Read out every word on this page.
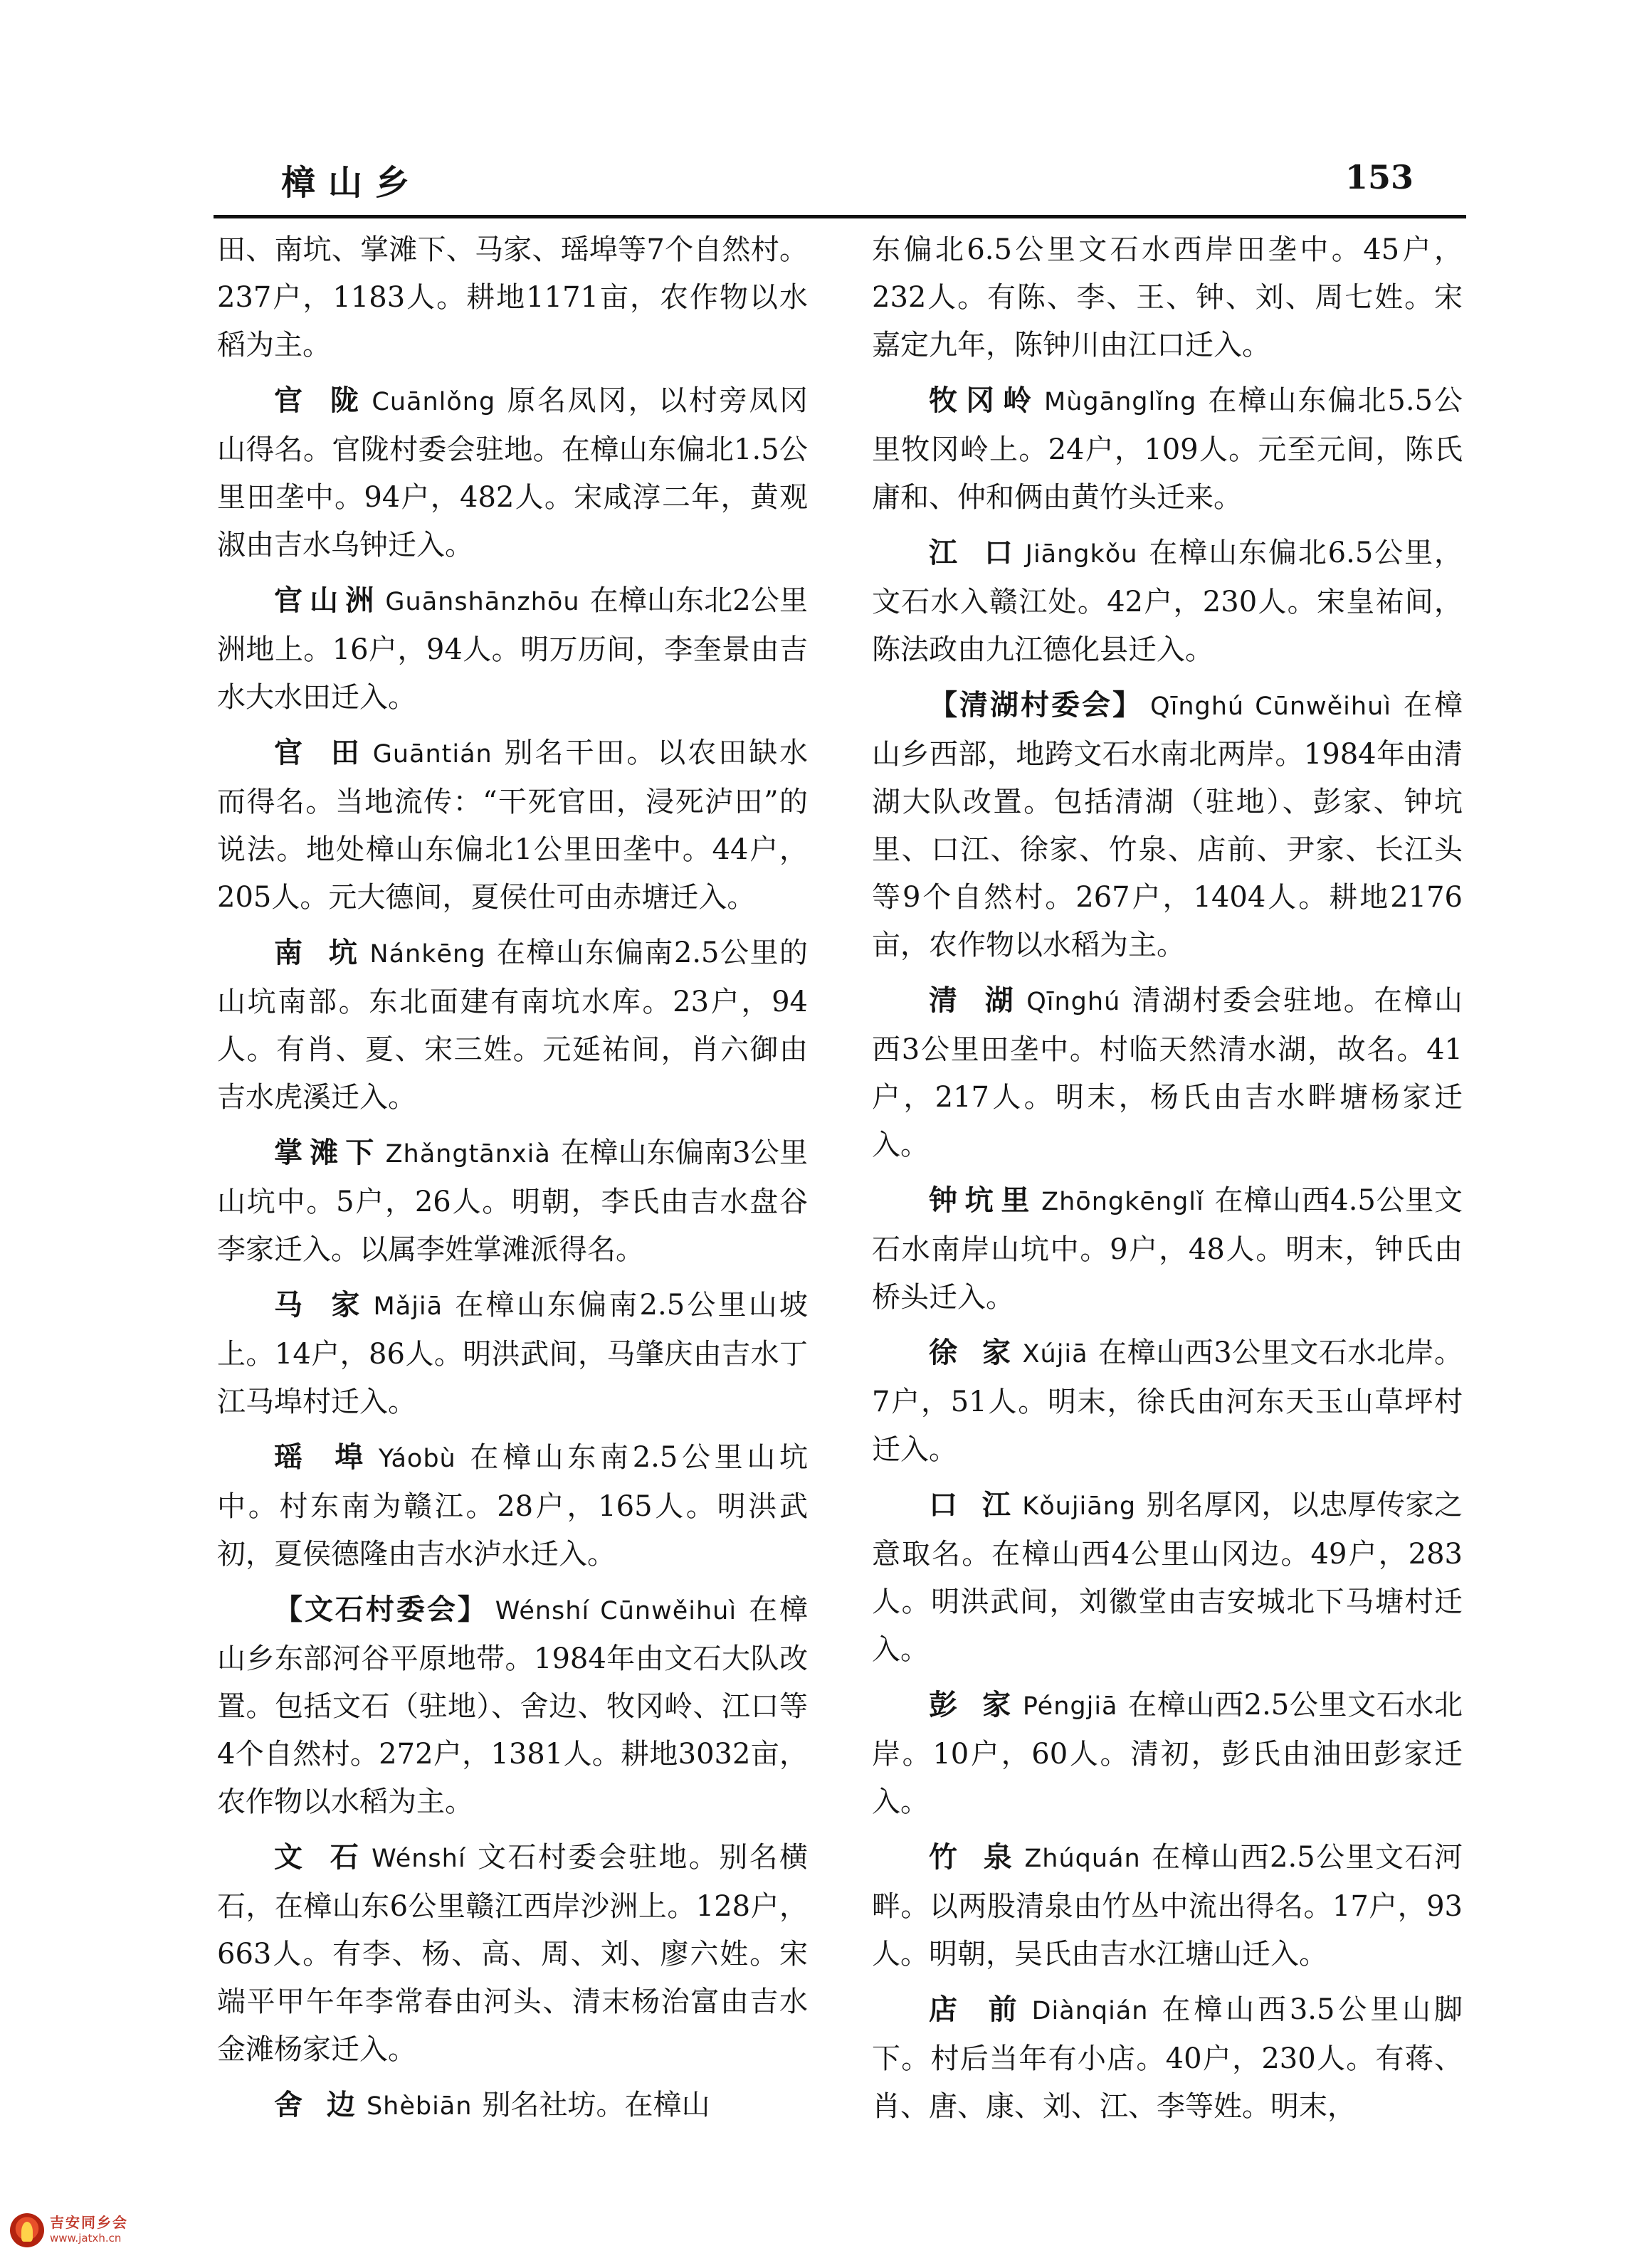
樟山乡	153

田、南坑、掌滩下、马家、瑶埠等7个自然村。237户，1183人。耕地1171亩，农作物以水稻为主。

官 陇 Cuānlǒng 原名凤冈，以村旁凤冈山得名。官陇村委会驻地。在樟山东偏北1.5公里田垄中。94户，482人。宋咸淳二年，黄观淑由吉水乌钟迁入。

官山洲 Guānshānzhōu 在樟山东北2公里洲地上。16户，94人。明万历间，李奎景由吉水大水田迁入。

官 田 Guāntián 别名干田。以农田缺水而得名。当地流传：“干死官田，浸死泸田”的说法。地处樟山东偏北1公里田垄中。44户，205人。元大德间，夏侯仕可由赤塘迁入。

南 坑 Nánkēng 在樟山东偏南2.5公里的山坑南部。东北面建有南坑水库。23户，94人。有肖、夏、宋三姓。元延祐间，肖六御由吉水虎溪迁入。

掌滩下 Zhǎngtānxià 在樟山东偏南3公里山坑中。5户，26人。明朝，李氏由吉水盘谷李家迁入。以属李姓掌滩派得名。

马 家 Mǎjiā 在樟山东偏南2.5公里山坡上。14户，86人。明洪武间，马肇庆由吉水丁江马埠村迁入。

瑶 埠 Yáobù 在樟山东南2.5公里山坑中。村东南为赣江。28户，165人。明洪武初，夏侯德隆由吉水泸水迁入。

【文石村委会】 Wénshí Cūnwěihuì 在樟山乡东部河谷平原地带。1984年由文石大队改置。包括文石（驻地）、舍边、牧冈岭、江口等4个自然村。272户，1381人。耕地3032亩，农作物以水稻为主。

文 石 Wénshí 文石村委会驻地。别名横石，在樟山东6公里赣江西岸沙洲上。128户，663人。有李、杨、高、周、刘、廖六姓。宋端平甲午年李常春由河头、清末杨治富由吉水金滩杨家迁入。

舍 边 Shèbiān 别名社坊。在樟山

东偏北6.5公里文石水西岸田垄中。45户，232人。有陈、李、王、钟、刘、周七姓。宋嘉定九年，陈钟川由江口迁入。

牧冈岭 Mùgānglǐng 在樟山东偏北5.5公里牧冈岭上。24户，109人。元至元间，陈氏庸和、仲和俩由黄竹头迁来。

江 口 Jiāngkǒu 在樟山东偏北6.5公里，文石水入赣江处。42户，230人。宋皇祐间，陈法政由九江德化县迁入。

【清湖村委会】 Qīnghú Cūnwěihuì 在樟山乡西部，地跨文石水南北两岸。1984年由清湖大队改置。包括清湖（驻地）、彭家、钟坑里、口江、徐家、竹泉、店前、尹家、长江头等9个自然村。267户，1404人。耕地2176亩，农作物以水稻为主。

清 湖 Qīnghú 清湖村委会驻地。在樟山西3公里田垄中。村临天然清水湖，故名。41户，217人。明末，杨氏由吉水畔塘杨家迁入。

钟坑里 Zhōngkēnglǐ 在樟山西4.5公里文石水南岸山坑中。9户，48人。明末，钟氏由桥头迁入。

徐 家 Xújiā 在樟山西3公里文石水北岸。7户，51人。明末，徐氏由河东天玉山草坪村迁入。

口 江 Kǒujiāng 别名厚冈，以忠厚传家之意取名。在樟山西4公里山冈边。49户，283人。明洪武间，刘徽堂由吉安城北下马塘村迁入。

彭 家 Péngjiā 在樟山西2.5公里文石水北岸。10户，60人。清初，彭氏由油田彭家迁入。

竹 泉 Zhúquán 在樟山西2.5公里文石河畔。以两股清泉由竹丛中流出得名。17户，93人。明朝，吴氏由吉水江塘山迁入。

店 前 Diànqián 在樟山西3.5公里山脚下。村后当年有小店。40户，230人。有蒋、肖、唐、康、刘、江、李等姓。明末，

吉安同乡会
www.jatxh.cn
